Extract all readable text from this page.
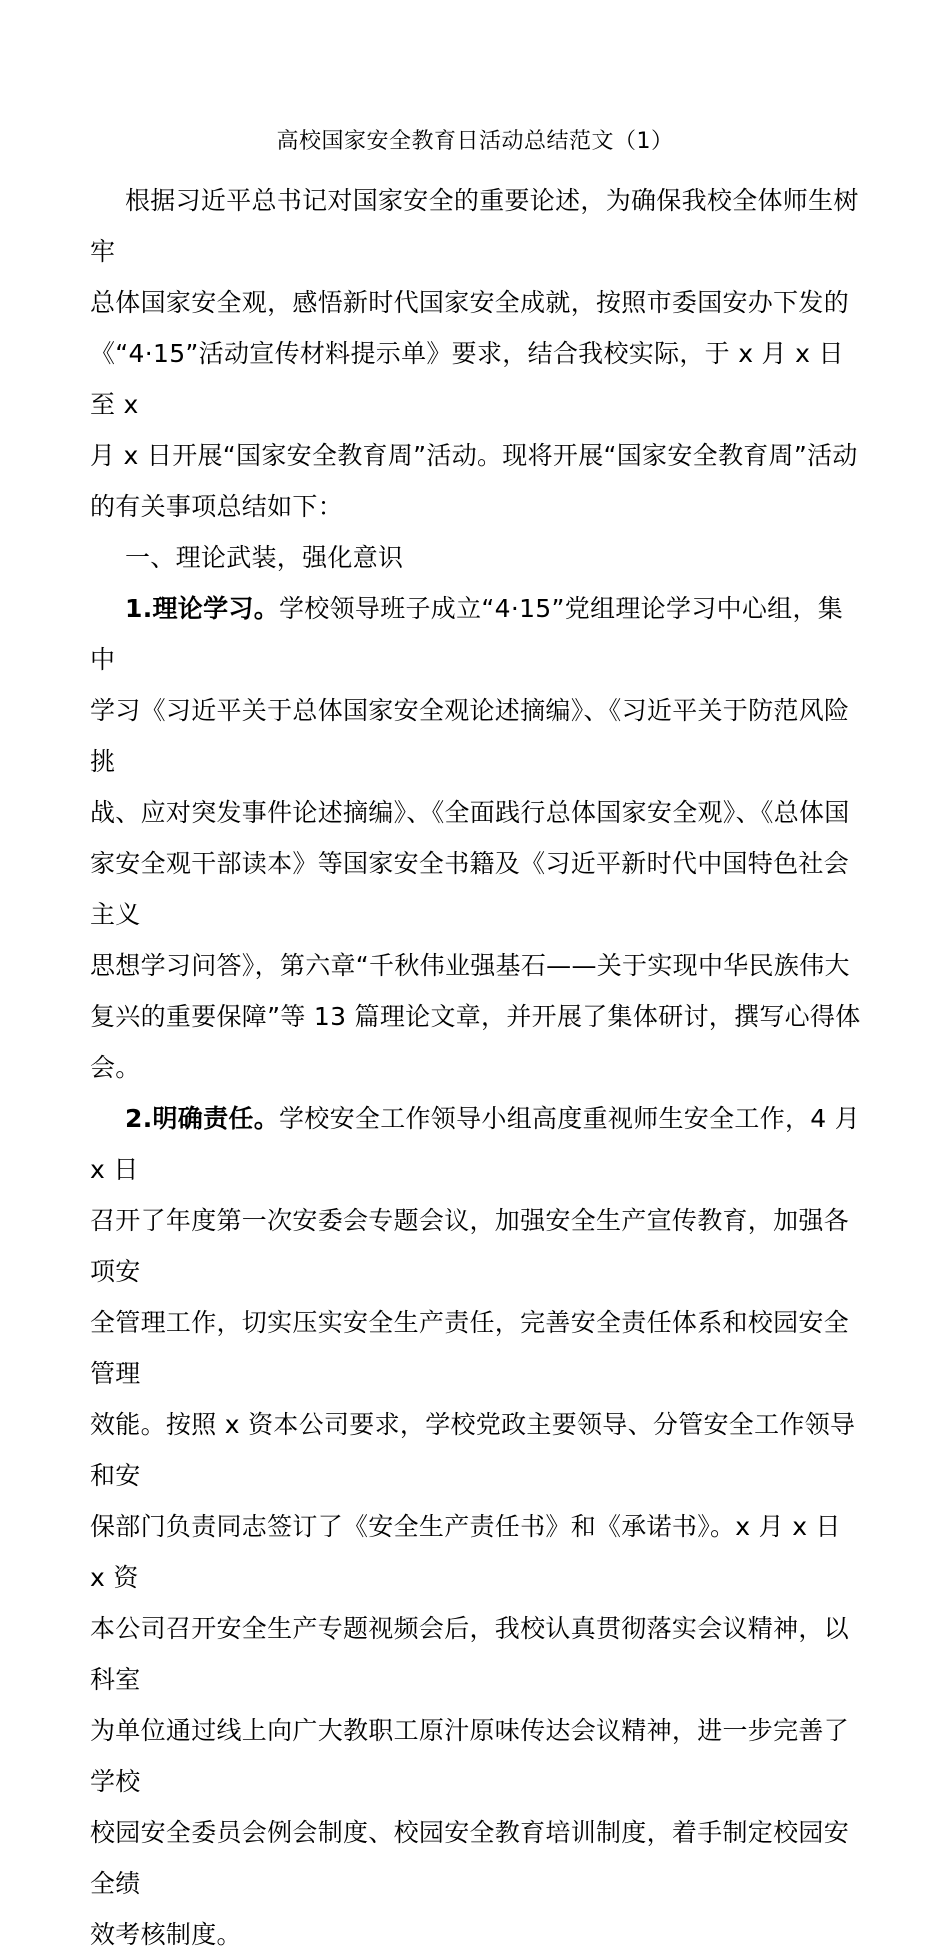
高校国家安全教育日活动总结范文（1）

根据习近平总书记对国家安全的重要论述，为确保我校全体师生树牢

总体国家安全观，感悟新时代国家安全成就，按照市委国安办下发的

《“4·15”活动宣传材料提示单》要求，结合我校实际，于 x 月 x 日至 x

月 x 日开展“国家安全教育周”活动。现将开展“国家安全教育周”活动

的有关事项总结如下：

一、理论武装，强化意识

1.理论学习。学校领导班子成立“4·15”党组理论学习中心组，集中

学习《习近平关于总体国家安全观论述摘编》、《习近平关于防范风险挑

战、应对突发事件论述摘编》、《全面践行总体国家安全观》、《总体国

家安全观干部读本》等国家安全书籍及《习近平新时代中国特色社会主义

思想学习问答》，第六章“千秋伟业强基石——关于实现中华民族伟大

复兴的重要保障”等 13 篇理论文章，并开展了集体研讨，撰写心得体会。

2.明确责任。学校安全工作领导小组高度重视师生安全工作，4 月 x 日

召开了年度第一次安委会专题会议，加强安全生产宣传教育，加强各项安

全管理工作，切实压实安全生产责任，完善安全责任体系和校园安全管理

效能。按照 x 资本公司要求，学校党政主要领导、分管安全工作领导和安

保部门负责同志签订了《安全生产责任书》和《承诺书》。x 月 x 日 x 资

本公司召开安全生产专题视频会后，我校认真贯彻落实会议精神，以科室

为单位通过线上向广大教职工原汁原味传达会议精神，进一步完善了学校

校园安全委员会例会制度、校园安全教育培训制度，着手制定校园安全绩

效考核制度。
